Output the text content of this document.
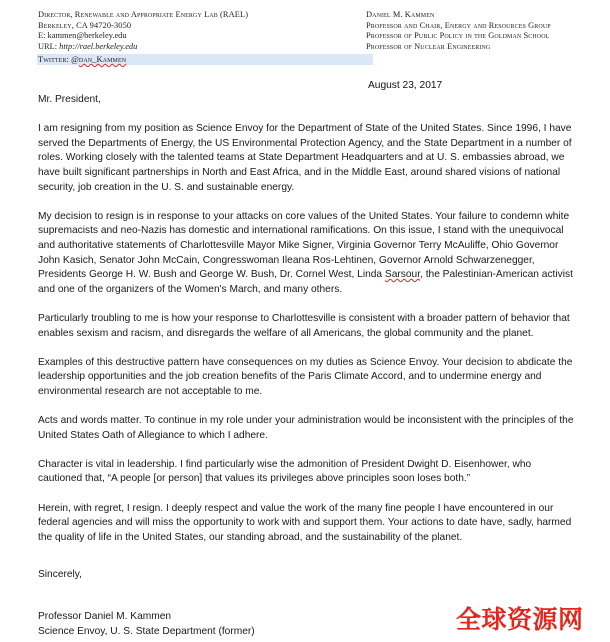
Director, Renewable and Appropriate Energy Lab (RAEL)
Berkeley, CA 94720-3050
E: kammen@berkeley.edu
URL: http://rael.berkeley.edu
Twitter: @dan_Kammen
Daniel M. Kammen
Professor and Chair, Energy and Resources Group
Professor of Public Policy in the Goldman School
Professor of Nuclear Engineering
August 23, 2017

Mr. President,

I am resigning from my position as Science Envoy for the Department of State of the United States. Since 1996, I have served the Departments of Energy, the US Environmental Protection Agency, and the State Department in a number of roles. Working closely with the talented teams at State Department Headquarters and at U. S. embassies abroad, we have built significant partnerships in North and East Africa, and in the Middle East, around shared visions of national security, job creation in the U. S. and sustainable energy.

My decision to resign is in response to your attacks on core values of the United States. Your failure to condemn white supremacists and neo-Nazis has domestic and international ramifications. On this issue, I stand with the unequivocal and authoritative statements of Charlottesville Mayor Mike Signer, Virginia Governor Terry McAuliffe, Ohio Governor John Kasich, Senator John McCain, Congresswoman Ileana Ros-Lehtinen, Governor Arnold Schwarzenegger, Presidents George H. W. Bush and George W. Bush, Dr. Cornel West, Linda Sarsour, the Palestinian-American activist and one of the organizers of the Women's March, and many others.

Particularly troubling to me is how your response to Charlottesville is consistent with a broader pattern of behavior that enables sexism and racism, and disregards the welfare of all Americans, the global community and the planet.

Examples of this destructive pattern have consequences on my duties as Science Envoy. Your decision to abdicate the leadership opportunities and the job creation benefits of the Paris Climate Accord, and to undermine energy and environmental research are not acceptable to me.

Acts and words matter. To continue in my role under your administration would be inconsistent with the principles of the United States Oath of Allegiance to which I adhere.

Character is vital in leadership. I find particularly wise the admonition of President Dwight D. Eisenhower, who cautioned that, “A people [or person] that values its privileges above principles soon loses both.”

Herein, with regret, I resign. I deeply respect and value the work of the many fine people I have encountered in our federal agencies and will miss the opportunity to work with and support them. Your actions to date have, sadly, harmed the quality of life in the United States, our standing abroad, and the sustainability of the planet.

Sincerely,
Professor Daniel M. Kammen
Science Envoy, U. S. State Department (former)	全球资源网
